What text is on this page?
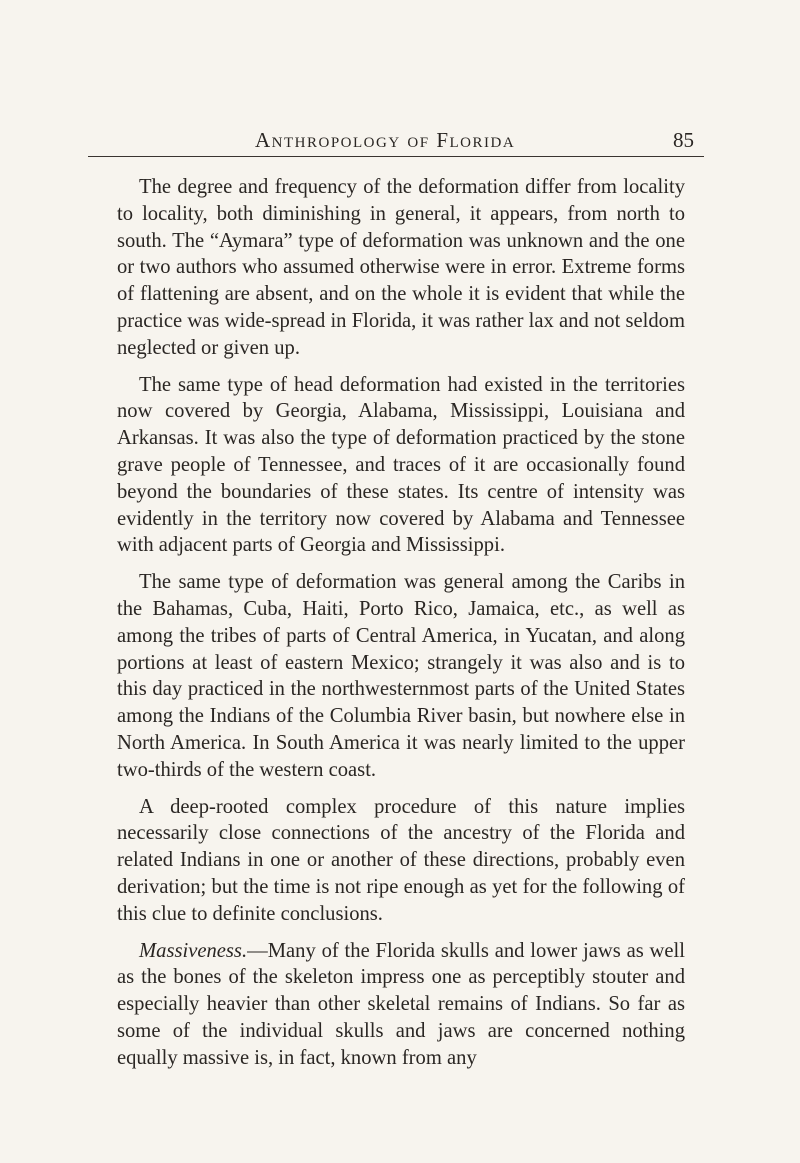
Anthropology of Florida	85

The degree and frequency of the deformation differ from locality to locality, both diminishing in general, it appears, from north to south. The “Aymara” type of deformation was unknown and the one or two authors who assumed otherwise were in error. Extreme forms of flattening are absent, and on the whole it is evident that while the practice was wide-spread in Florida, it was rather lax and not seldom neglected or given up.

The same type of head deformation had existed in the territories now covered by Georgia, Alabama, Mississippi, Louisiana and Arkansas. It was also the type of deformation practiced by the stone grave people of Tennessee, and traces of it are occasionally found beyond the boundaries of these states. Its centre of intensity was evidently in the territory now covered by Alabama and Tennessee with adjacent parts of Georgia and Mississippi.

The same type of deformation was general among the Caribs in the Bahamas, Cuba, Haiti, Porto Rico, Jamaica, etc., as well as among the tribes of parts of Central America, in Yucatan, and along portions at least of eastern Mexico; strangely it was also and is to this day practiced in the northwesternmost parts of the United States among the Indians of the Columbia River basin, but nowhere else in North America. In South America it was nearly limited to the upper two-thirds of the western coast.

A deep-rooted complex procedure of this nature implies necessarily close connections of the ancestry of the Florida and related Indians in one or another of these directions, probably even derivation; but the time is not ripe enough as yet for the following of this clue to definite conclusions.

Massiveness.—Many of the Florida skulls and lower jaws as well as the bones of the skeleton impress one as perceptibly stouter and especially heavier than other skeletal remains of Indians. So far as some of the individual skulls and jaws are concerned nothing equally massive is, in fact, known from any
